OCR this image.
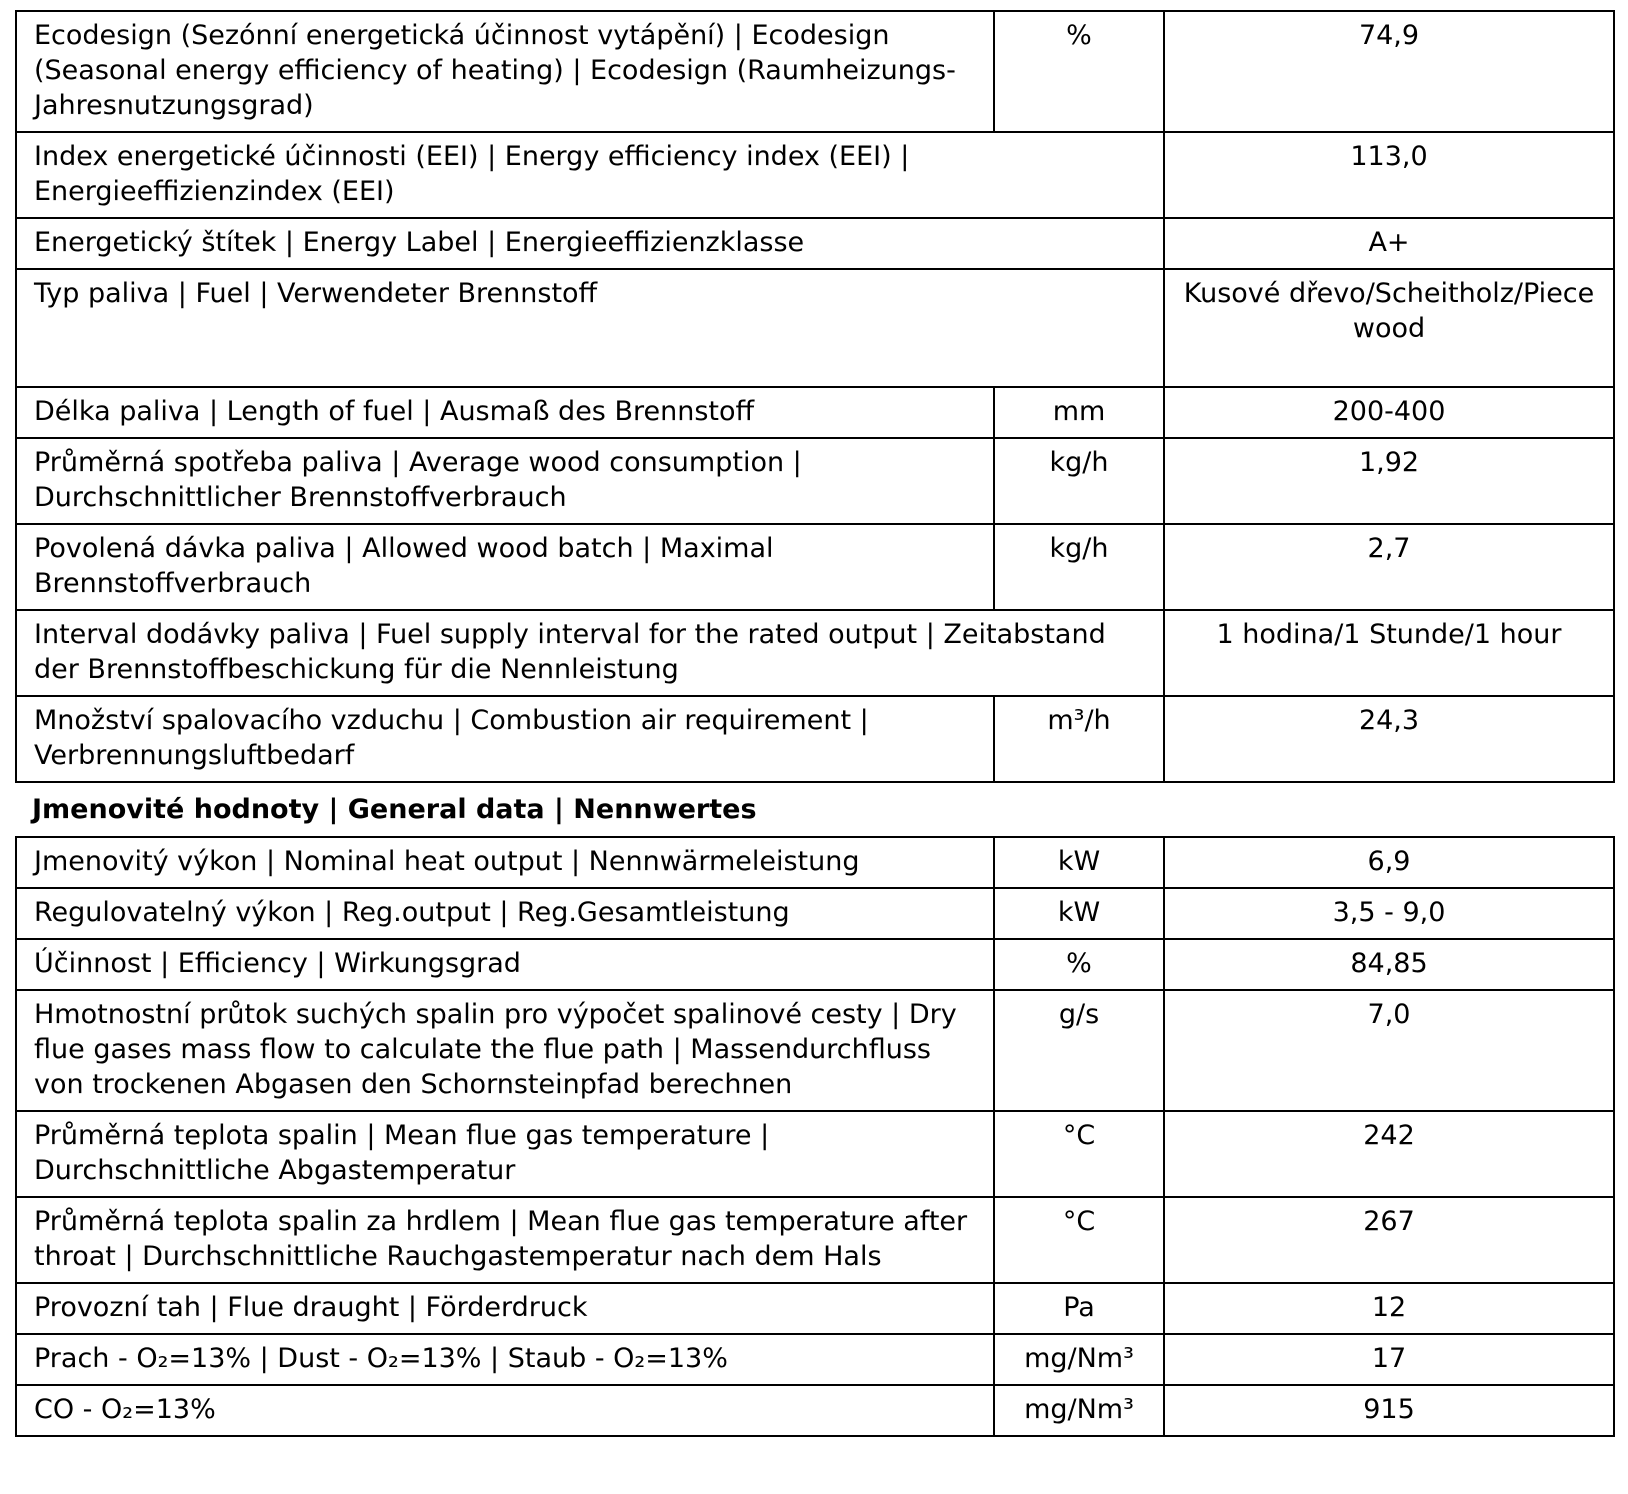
Ecodesign (Sezónní energetická účinnost vytápění) | Ecodesign (Seasonal energy efficiency of heating) | Ecodesign (Raumheizungs-Jahresnutzungsgrad)	%	74,9
Index energetické účinnosti (EEI) | Energy efficiency index (EEI) | Energieeffizienzindex (EEI)		113,0
Energetický štítek | Energy Label | Energieeffizienzklasse		A+
Typ paliva | Fuel | Verwendeter Brennstoff		Kusové dřevo/Scheitholz/Piece wood
Délka paliva | Length of fuel | Ausmaß des Brennstoff	mm	200-400
Průměrná spotřeba paliva | Average wood consumption | Durchschnittlicher Brennstoffverbrauch	kg/h	1,92
Povolená dávka paliva | Allowed wood batch | Maximal Brennstoffverbrauch	kg/h	2,7
Interval dodávky paliva | Fuel supply interval for the rated output | Zeitabstand der Brennstoffbeschickung für die Nennleistung		1 hodina/1 Stunde/1 hour
Množství spalovacího vzduchu | Combustion air requirement | Verbrennungsluftbedarf	m³/h	24,3
Jmenovité hodnoty | General data | Nennwertes
Jmenovitý výkon | Nominal heat output | Nennwärmeleistung	kW	6,9
Regulovatelný výkon | Reg.output | Reg.Gesamtleistung	kW	3,5 - 9,0
Účinnost | Efficiency | Wirkungsgrad	%	84,85
Hmotnostní průtok suchých spalin pro výpočet spalinové cesty | Dry flue gases mass flow to calculate the flue path | Massendurchfluss von trockenen Abgasen den Schornsteinpfad berechnen	g/s	7,0
Průměrná teplota spalin | Mean flue gas temperature | Durchschnittliche Abgastemperatur	°C	242
Průměrná teplota spalin za hrdlem | Mean flue gas temperature after throat | Durchschnittliche Rauchgastemperatur nach dem Hals	°C	267
Provozní tah | Flue draught | Förderdruck	Pa	12
Prach - O₂=13% | Dust - O₂=13% | Staub - O₂=13%	mg/Nm³	17
CO - O₂=13%	mg/Nm³	915
